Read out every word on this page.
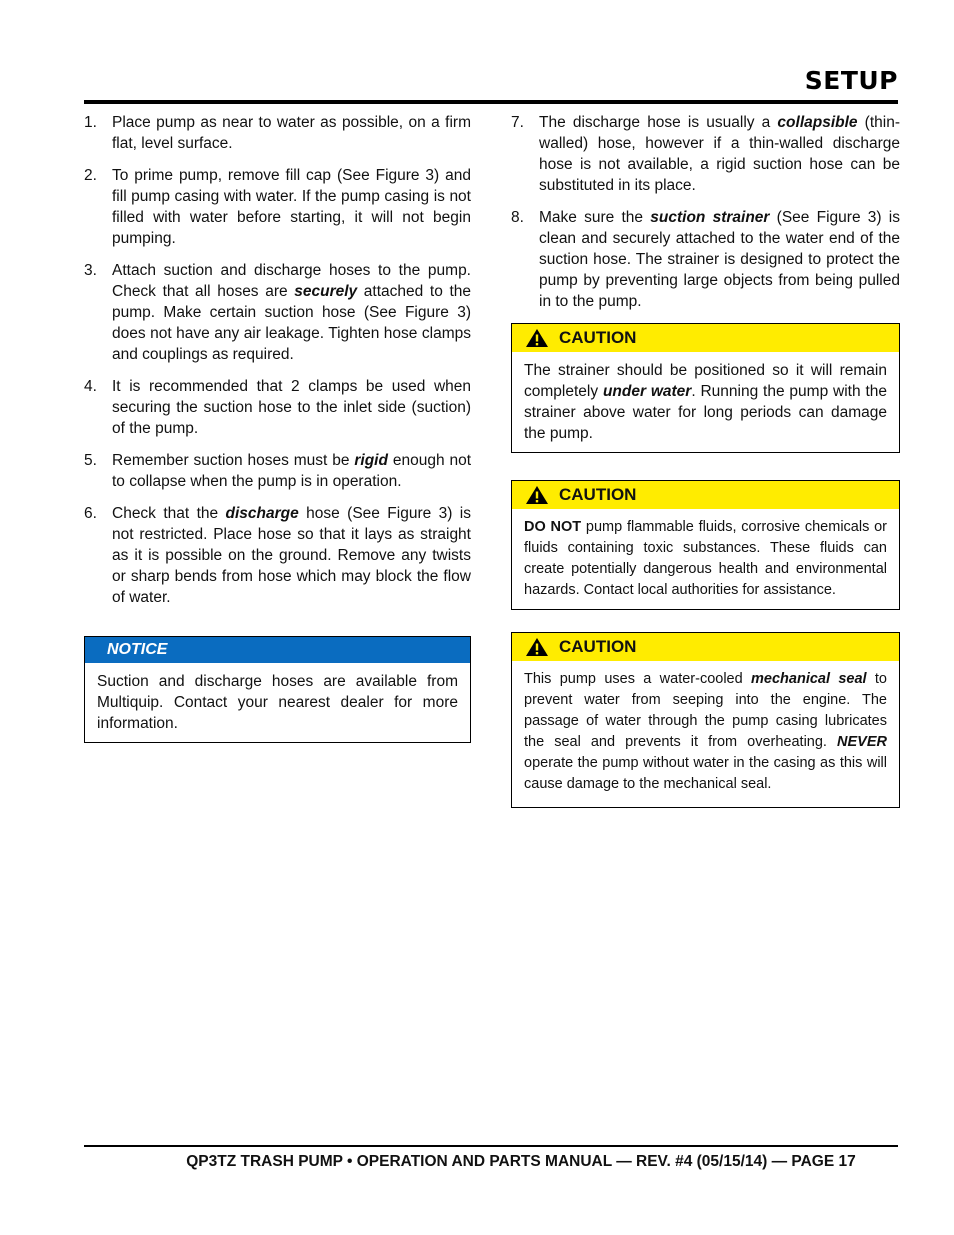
SETUP
1. Place pump as near to water as possible, on a firm flat, level surface.
2. To prime pump, remove fill cap (See Figure 3) and fill pump casing with water. If the pump casing is not filled with water before starting, it will not begin pumping.
3. Attach suction and discharge hoses to the pump. Check that all hoses are securely attached to the pump. Make certain suction hose (See Figure 3) does not have any air leakage. Tighten hose clamps and couplings as required.
4. It is recommended that 2 clamps be used when securing the suction hose to the inlet side (suction) of the pump.
5. Remember suction hoses must be rigid enough not to collapse when the pump is in operation.
6. Check that the discharge hose (See Figure 3) is not restricted. Place hose so that it lays as straight as it is possible on the ground. Remove any twists or sharp bends from hose which may block the flow of water.
NOTICE
Suction and discharge hoses are available from Multiquip. Contact your nearest dealer for more information.
7. The discharge hose is usually a collapsible (thin-walled) hose, however if a thin-walled discharge hose is not available, a rigid suction hose can be substituted in its place.
8. Make sure the suction strainer (See Figure 3) is clean and securely attached to the water end of the suction hose. The strainer is designed to protect the pump by preventing large objects from being pulled in to the pump.
CAUTION
The strainer should be positioned so it will remain completely under water. Running the pump with the strainer above water for long periods can damage the pump.
CAUTION
DO NOT pump flammable fluids, corrosive chemicals or fluids containing toxic substances. These fluids can create potentially dangerous health and environmental hazards. Contact local authorities for assistance.
CAUTION
This pump uses a water-cooled mechanical seal to prevent water from seeping into the engine. The passage of water through the pump casing lubricates the seal and prevents it from overheating. NEVER operate the pump without water in the casing as this will cause damage to the mechanical seal.
QP3TZ TRASH PUMP • OPERATION AND PARTS MANUAL — REV. #4 (05/15/14) — PAGE 17
